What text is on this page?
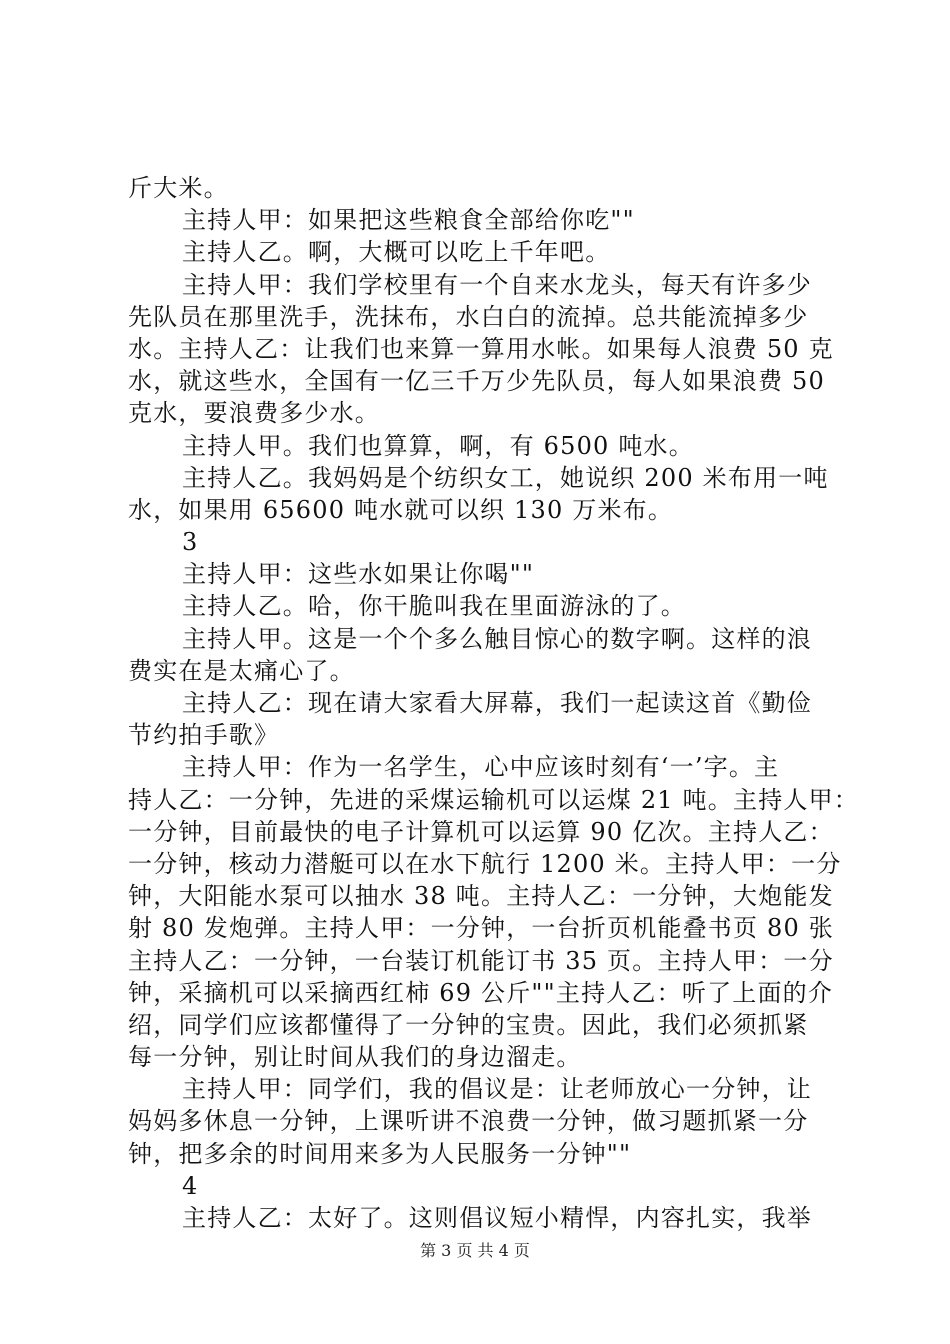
斤大米。
主持人甲：如果把这些粮食全部给你吃""
主持人乙。啊，大概可以吃上千年吧。
主持人甲：我们学校里有一个自来水龙头，每天有许多少
先队员在那里洗手，洗抹布，水白白的流掉。总共能流掉多少
水。主持人乙：让我们也来算一算用水帐。如果每人浪费 50 克
水，就这些水，全国有一亿三千万少先队员，每人如果浪费 50
克水，要浪费多少水。
主持人甲。我们也算算，啊，有 6500 吨水。
主持人乙。我妈妈是个纺织女工，她说织 200 米布用一吨
水，如果用 65600 吨水就可以织 130 万米布。
3
主持人甲：这些水如果让你喝""
主持人乙。哈，你干脆叫我在里面游泳的了。
主持人甲。这是一个个多么触目惊心的数字啊。这样的浪
费实在是太痛心了。
主持人乙：现在请大家看大屏幕，我们一起读这首《勤俭
节约拍手歌》
主持人甲：作为一名学生，心中应该时刻有‘一’字。主
持人乙：一分钟，先进的采煤运输机可以运煤 21 吨。主持人甲：
一分钟，目前最快的电子计算机可以运算 90 亿次。主持人乙：
一分钟，核动力潜艇可以在水下航行 1200 米。主持人甲：一分
钟，大阳能水泵可以抽水 38 吨。主持人乙：一分钟，大炮能发
射 80 发炮弹。主持人甲：一分钟，一台折页机能叠书页 80 张
主持人乙：一分钟，一台装订机能订书 35 页。主持人甲：一分
钟，采摘机可以采摘西红柿 69 公斤""主持人乙：听了上面的介
绍，同学们应该都懂得了一分钟的宝贵。因此，我们必须抓紧
每一分钟，别让时间从我们的身边溜走。
主持人甲：同学们，我的倡议是：让老师放心一分钟，让
妈妈多休息一分钟，上课听讲不浪费一分钟，做习题抓紧一分
钟，把多余的时间用来多为人民服务一分钟""
4
主持人乙：太好了。这则倡议短小精悍，内容扎实，我举
第 3 页 共 4 页
